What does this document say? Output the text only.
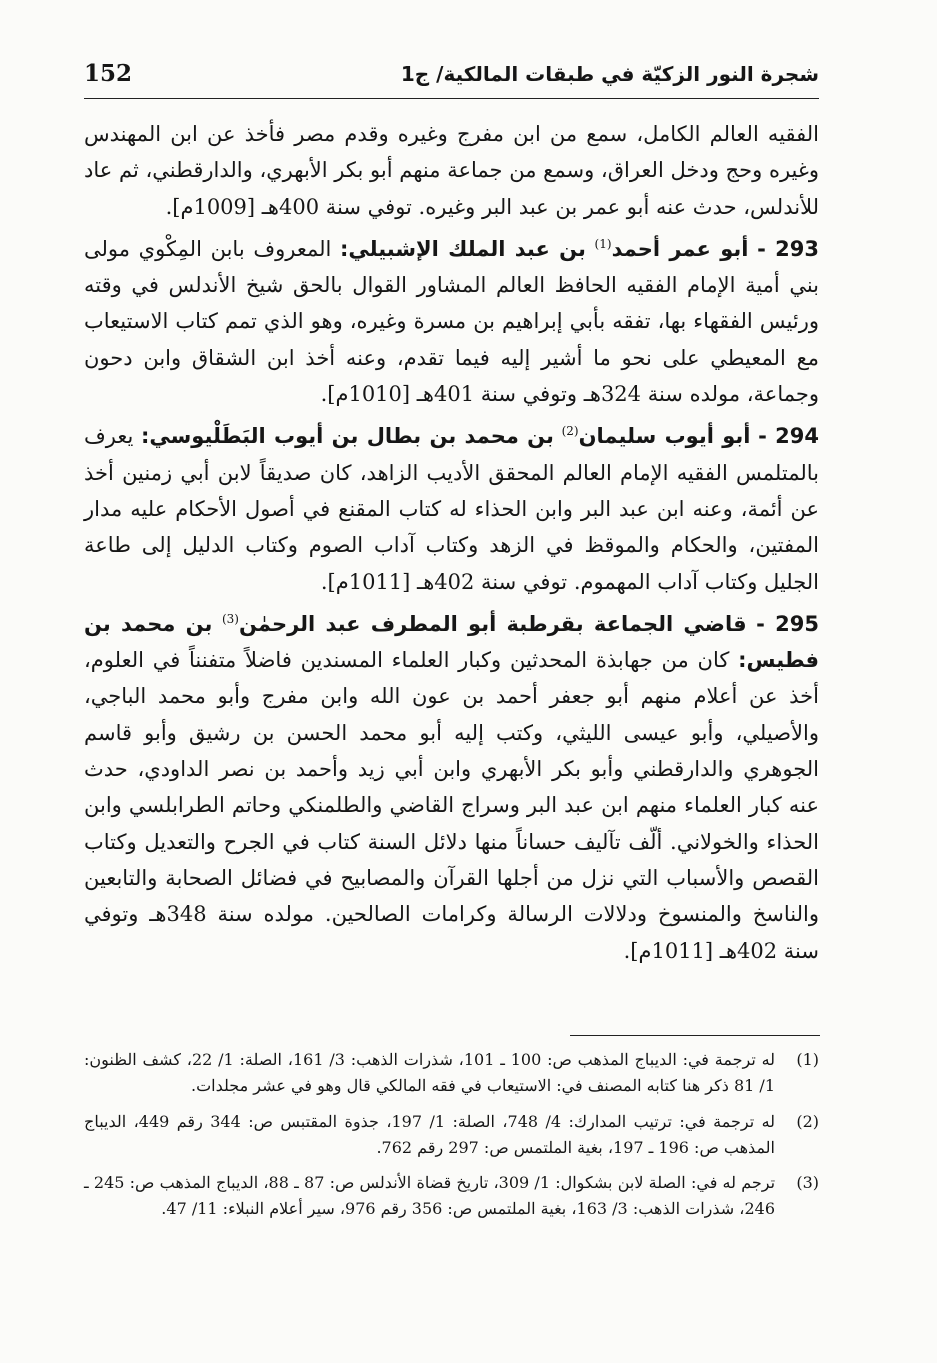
شجرة النور الزكيّة في طبقات المالكية/ ج1
152

الفقيه العالم الكامل، سمع من ابن مفرج وغيره وقدم مصر فأخذ عن ابن المهندس وغيره وحج ودخل العراق، وسمع من جماعة منهم أبو بكر الأبهري، والدارقطني، ثم عاد للأندلس، حدث عنه أبو عمر بن عبد البر وغيره. توفي سنة 400هـ [1009م].

293 - أبو عمر أحمد$^{(1)}$ بن عبد الملك الإشبيلي: المعروف بابن المِكْوي مولى بني أمية الإمام الفقيه الحافظ العالم المشاور القوال بالحق شيخ الأندلس في وقته ورئيس الفقهاء بها، تفقه بأبي إبراهيم بن مسرة وغيره، وهو الذي تمم كتاب الاستيعاب مع المعيطي على نحو ما أشير إليه فيما تقدم، وعنه أخذ ابن الشقاق وابن دحون وجماعة، مولده سنة 324هـ وتوفي سنة 401هـ [1010م].

294 - أبو أيوب سليمان$^{(2)}$ بن محمد بن بطال بن أيوب البَطَلْيوسي: يعرف بالمتلمس الفقيه الإمام العالم المحقق الأديب الزاهد، كان صديقاً لابن أبي زمنين أخذ عن أئمة، وعنه ابن عبد البر وابن الحذاء له كتاب المقنع في أصول الأحكام عليه مدار المفتين، والحكام والموقظ في الزهد وكتاب آداب الصوم وكتاب الدليل إلى طاعة الجليل وكتاب آداب المهموم. توفي سنة 402هـ [1011م].

295 - قاضي الجماعة بقرطبة أبو المطرف عبد الرحمٰن$^{(3)}$ بن محمد بن فطيس: كان من جهابذة المحدثين وكبار العلماء المسندين فاضلاً متفنناً في العلوم، أخذ عن أعلام منهم أبو جعفر أحمد بن عون الله وابن مفرج وأبو محمد الباجي، والأصيلي، وأبو عيسى الليثي، وكتب إليه أبو محمد الحسن بن رشيق وأبو قاسم الجوهري والدارقطني وأبو بكر الأبهري وابن أبي زيد وأحمد بن نصر الداودي، حدث عنه كبار العلماء منهم ابن عبد البر وسراج القاضي والطلمنكي وحاتم الطرابلسي وابن الحذاء والخولاني. ألّف تآليف حساناً منها دلائل السنة كتاب في الجرح والتعديل وكتاب القصص والأسباب التي نزل من أجلها القرآن والمصابيح في فضائل الصحابة والتابعين والناسخ والمنسوخ ودلالات الرسالة وكرامات الصالحين. مولده سنة 348هـ وتوفي سنة 402هـ [1011م].

(1)
له ترجمة في: الديباج المذهب ص: 100 ـ 101، شذرات الذهب: 3/ 161، الصلة: 1/ 22، كشف الظنون: 1/ 81 ذكر هنا كتابه المصنف في: الاستيعاب في فقه المالكي قال وهو في عشر مجلدات.
(2)
له ترجمة في: ترتيب المدارك: 4/ 748، الصلة: 1/ 197، جذوة المقتبس ص: 344 رقم 449، الديباج المذهب ص: 196 ـ 197، بغية الملتمس ص: 297 رقم 762.
(3)
ترجم له في: الصلة لابن بشكوال: 1/ 309، تاريخ قضاة الأندلس ص: 87 ـ 88، الديباج المذهب ص: 245 ـ 246، شذرات الذهب: 3/ 163، بغية الملتمس ص: 356 رقم 976، سير أعلام النبلاء: 11/ 47.
